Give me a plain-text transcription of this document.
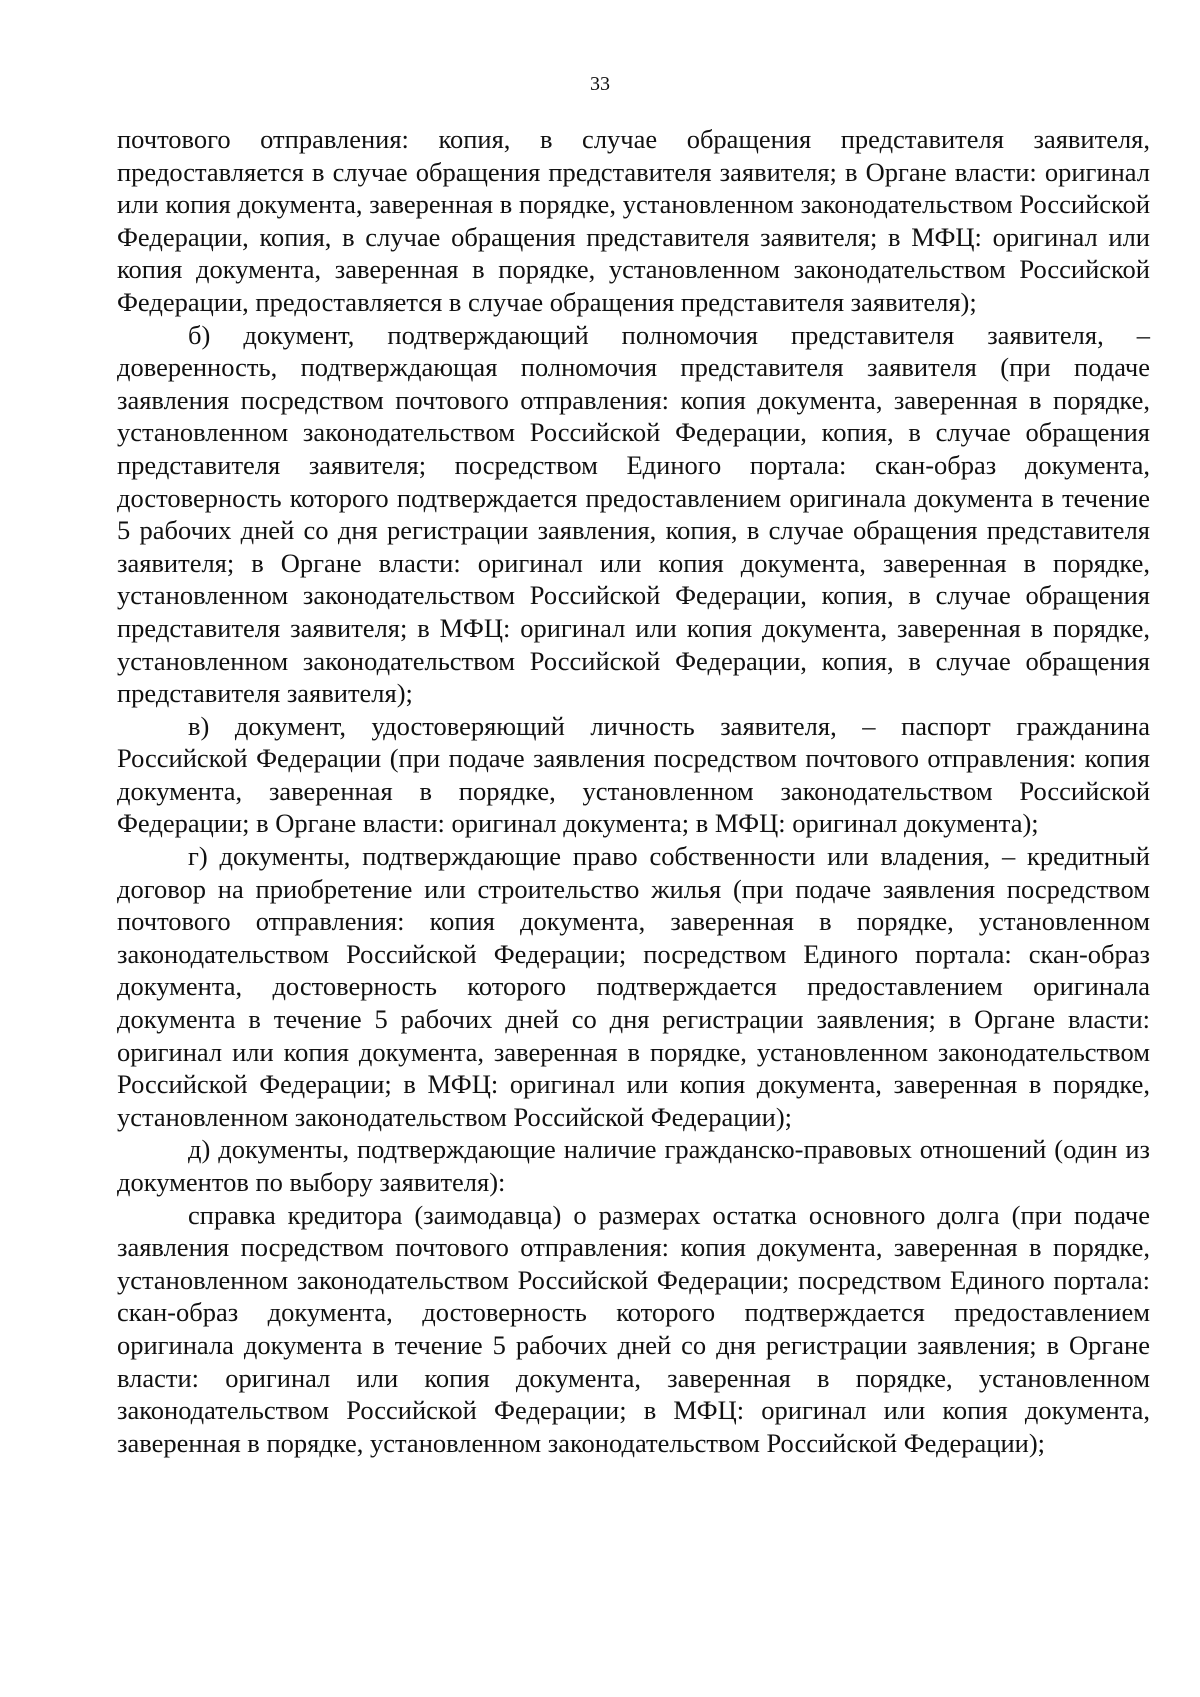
33

почтового отправления: копия, в случае обращения представителя заявителя, предоставляется в случае обращения представителя заявителя; в Органе власти: оригинал или копия документа, заверенная в порядке, установленном законодательством Российской Федерации, копия, в случае обращения представителя заявителя; в МФЦ: оригинал или копия документа, заверенная в порядке, установленном законодательством Российской Федерации, предоставляется в случае обращения представителя заявителя);

б) документ, подтверждающий полномочия представителя заявителя, – доверенность, подтверждающая полномочия представителя заявителя (при подаче заявления посредством почтового отправления: копия документа, заверенная в порядке, установленном законодательством Российской Федерации, копия, в случае обращения представителя заявителя; посредством Единого портала: скан-образ документа, достоверность которого подтверждается предоставлением оригинала документа в течение 5 рабочих дней со дня регистрации заявления, копия, в случае обращения представителя заявителя; в Органе власти: оригинал или копия документа, заверенная в порядке, установленном законодательством Российской Федерации, копия, в случае обращения представителя заявителя; в МФЦ: оригинал или копия документа, заверенная в порядке, установленном законодательством Российской Федерации, копия, в случае обращения представителя заявителя);

в) документ, удостоверяющий личность заявителя, – паспорт гражданина Российской Федерации (при подаче заявления посредством почтового отправления: копия документа, заверенная в порядке, установленном законодательством Российской Федерации; в Органе власти: оригинал документа; в МФЦ: оригинал документа);

г) документы, подтверждающие право собственности или владения, – кредитный договор на приобретение или строительство жилья (при подаче заявления посредством почтового отправления: копия документа, заверенная в порядке, установленном законодательством Российской Федерации; посредством Единого портала: скан-образ документа, достоверность которого подтверждается предоставлением оригинала документа в течение 5 рабочих дней со дня регистрации заявления; в Органе власти: оригинал или копия документа, заверенная в порядке, установленном законодательством Российской Федерации; в МФЦ: оригинал или копия документа, заверенная в порядке, установленном законодательством Российской Федерации);

д) документы, подтверждающие наличие гражданско-правовых отношений (один из документов по выбору заявителя):

справка кредитора (заимодавца) о размерах остатка основного долга (при подаче заявления посредством почтового отправления: копия документа, заверенная в порядке, установленном законодательством Российской Федерации; посредством Единого портала: скан-образ документа, достоверность которого подтверждается предоставлением оригинала документа в течение 5 рабочих дней со дня регистрации заявления; в Органе власти: оригинал или копия документа, заверенная в порядке, установленном законодательством Российской Федерации; в МФЦ: оригинал или копия документа, заверенная в порядке, установленном законодательством Российской Федерации);
